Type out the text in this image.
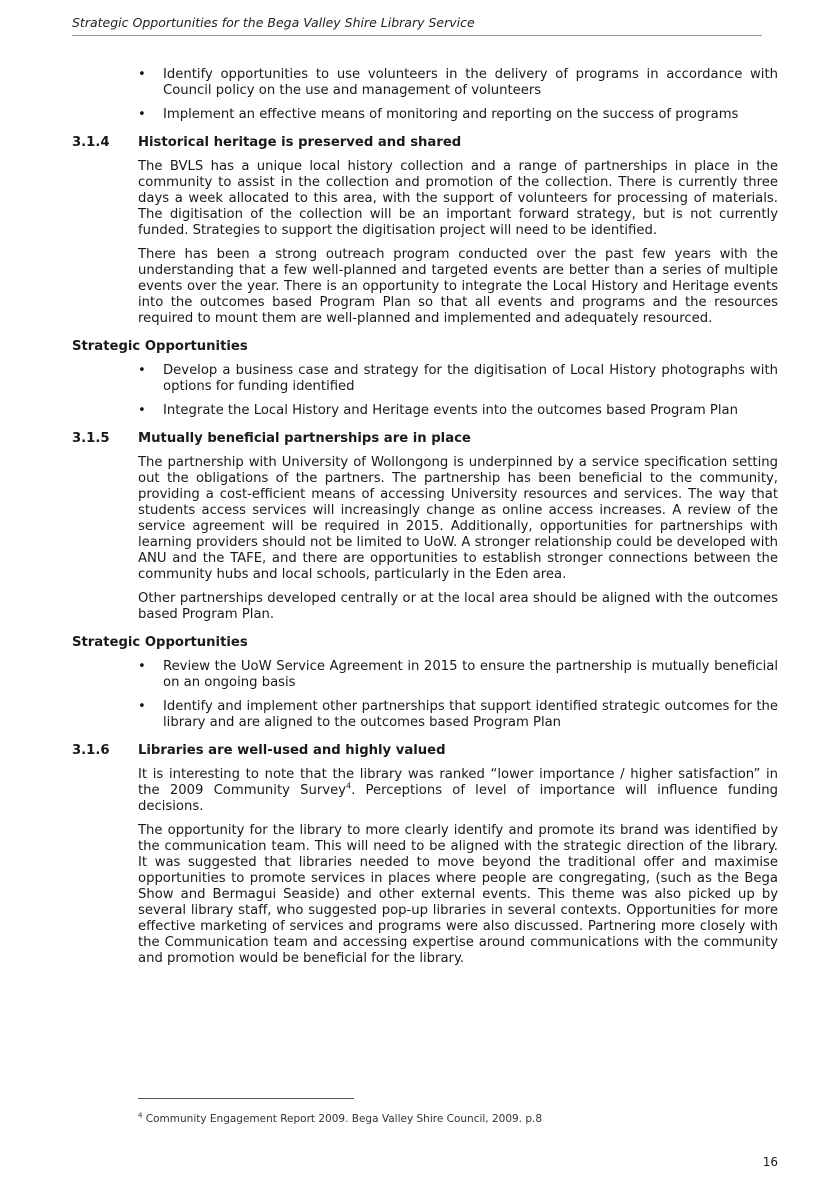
Strategic Opportunities for the Bega Valley Shire Library Service
• Identify opportunities to use volunteers in the delivery of programs in accordance with Council policy on the use and management of volunteers
• Implement an effective means of monitoring and reporting on the success of programs
3.1.4	Historical heritage is preserved and shared

The BVLS has a unique local history collection and a range of partnerships in place in the community to assist in the collection and promotion of the collection. There is currently three days a week allocated to this area, with the support of volunteers for processing of materials. The digitisation of the collection will be an important forward strategy, but is not currently funded. Strategies to support the digitisation project will need to be identified.

There has been a strong outreach program conducted over the past few years with the understanding that a few well-planned and targeted events are better than a series of multiple events over the year. There is an opportunity to integrate the Local History and Heritage events into the outcomes based Program Plan so that all events and programs and the resources required to mount them are well-planned and implemented and adequately resourced.

Strategic Opportunities
• Develop a business case and strategy for the digitisation of Local History photographs with options for funding identified
• Integrate the Local History and Heritage events into the outcomes based Program Plan
3.1.5	Mutually beneficial partnerships are in place

The partnership with University of Wollongong is underpinned by a service specification setting out the obligations of the partners. The partnership has been beneficial to the community, providing a cost-efficient means of accessing University resources and services. The way that students access services will increasingly change as online access increases. A review of the service agreement will be required in 2015. Additionally, opportunities for partnerships with learning providers should not be limited to UoW. A stronger relationship could be developed with ANU and the TAFE, and there are opportunities to establish stronger connections between the community hubs and local schools, particularly in the Eden area.

Other partnerships developed centrally or at the local area should be aligned with the outcomes based Program Plan.

Strategic Opportunities
• Review the UoW Service Agreement in 2015 to ensure the partnership is mutually beneficial on an ongoing basis
• Identify and implement other partnerships that support identified strategic outcomes for the library and are aligned to the outcomes based Program Plan
3.1.6	Libraries are well-used and highly valued

It is interesting to note that the library was ranked “lower importance / higher satisfaction” in the 2009 Community Survey$^4$. Perceptions of level of importance will influence funding decisions.

The opportunity for the library to more clearly identify and promote its brand was identified by the communication team. This will need to be aligned with the strategic direction of the library. It was suggested that libraries needed to move beyond the traditional offer and maximise opportunities to promote services in places where people are congregating, (such as the Bega Show and Bermagui Seaside) and other external events. This theme was also picked up by several library staff, who suggested pop-up libraries in several contexts. Opportunities for more effective marketing of services and programs were also discussed. Partnering more closely with the Communication team and accessing expertise around communications with the community and promotion would be beneficial for the library.

$^4$ Community Engagement Report 2009. Bega Valley Shire Council, 2009. p.8
16
